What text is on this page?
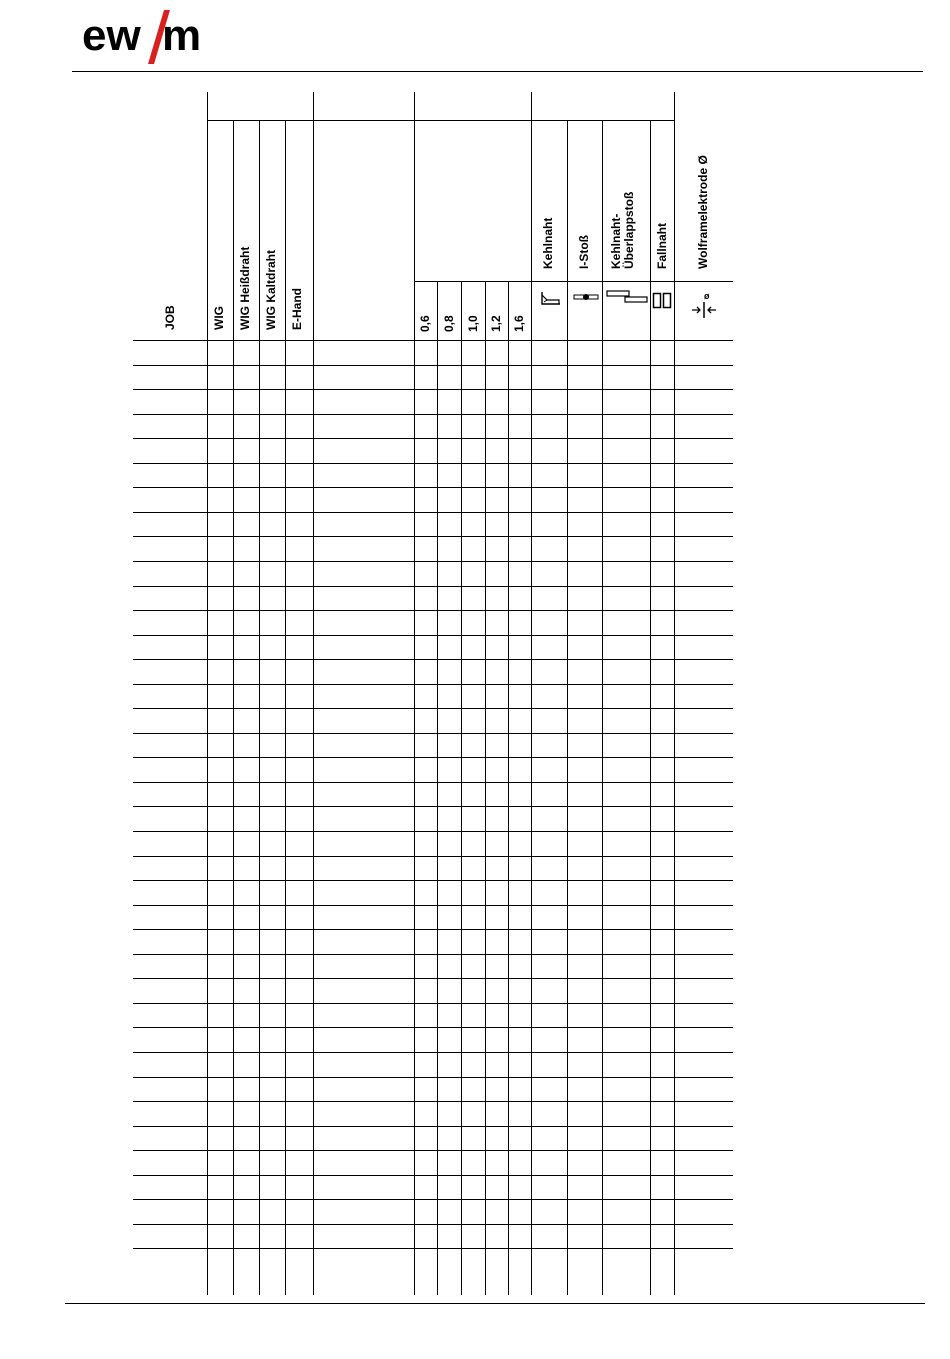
ew m
JOB	WIG WIG Heißdraht WIG Kaltdraht E-Hand	0,6 0,8 1,0 1,2 1,6
Kehlnaht I-Stoß Kehlnaht- Überlappstoß Fallnaht Wolframelektrode Ø
ø
